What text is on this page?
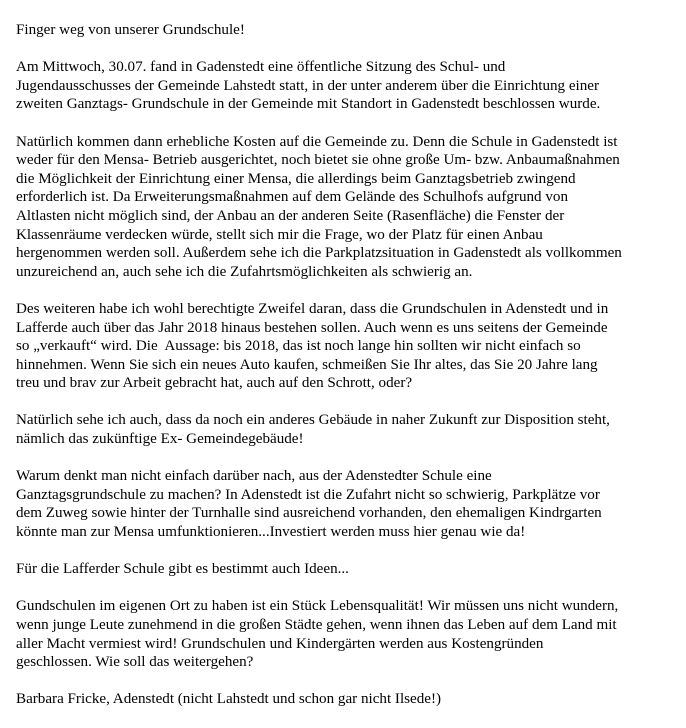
Finger weg von unserer Grundschule!

Am Mittwoch, 30.07. fand in Gadenstedt eine öffentliche Sitzung des Schul- und
Jugendausschusses der Gemeinde Lahstedt statt, in der unter anderem über die Einrichtung einer
zweiten Ganztags- Grundschule in der Gemeinde mit Standort in Gadenstedt beschlossen wurde.

Natürlich kommen dann erhebliche Kosten auf die Gemeinde zu. Denn die Schule in Gadenstedt ist
weder für den Mensa- Betrieb ausgerichtet, noch bietet sie ohne große Um- bzw. Anbaumaßnahmen
die Möglichkeit der Einrichtung einer Mensa, die allerdings beim Ganztagsbetrieb zwingend
erforderlich ist. Da Erweiterungsmaßnahmen auf dem Gelände des Schulhofs aufgrund von
Altlasten nicht möglich sind, der Anbau an der anderen Seite (Rasenfläche) die Fenster der
Klassenräume verdecken würde, stellt sich mir die Frage, wo der Platz für einen Anbau
hergenommen werden soll. Außerdem sehe ich die Parkplatzsituation in Gadenstedt als vollkommen
unzureichend an, auch sehe ich die Zufahrtsmöglichkeiten als schwierig an.

Des weiteren habe ich wohl berechtigte Zweifel daran, dass die Grundschulen in Adenstedt und in
Lafferde auch über das Jahr 2018 hinaus bestehen sollen. Auch wenn es uns seitens der Gemeinde
so „verkauft“ wird. Die  Aussage: bis 2018, das ist noch lange hin sollten wir nicht einfach so
hinnehmen. Wenn Sie sich ein neues Auto kaufen, schmeißen Sie Ihr altes, das Sie 20 Jahre lang
treu und brav zur Arbeit gebracht hat, auch auf den Schrott, oder?

Natürlich sehe ich auch, dass da noch ein anderes Gebäude in naher Zukunft zur Disposition steht,
nämlich das zukünftige Ex- Gemeindegebäude!

Warum denkt man nicht einfach darüber nach, aus der Adenstedter Schule eine
Ganztagsgrundschule zu machen? In Adenstedt ist die Zufahrt nicht so schwierig, Parkplätze vor
dem Zuweg sowie hinter der Turnhalle sind ausreichend vorhanden, den ehemaligen Kindrgarten
könnte man zur Mensa umfunktionieren...Investiert werden muss hier genau wie da!

Für die Lafferder Schule gibt es bestimmt auch Ideen...

Gundschulen im eigenen Ort zu haben ist ein Stück Lebensqualität! Wir müssen uns nicht wundern,
wenn junge Leute zunehmend in die großen Städte gehen, wenn ihnen das Leben auf dem Land mit
aller Macht vermiest wird! Grundschulen und Kindergärten werden aus Kostengründen
geschlossen. Wie soll das weitergehen?

Barbara Fricke, Adenstedt (nicht Lahstedt und schon gar nicht Ilsede!)
